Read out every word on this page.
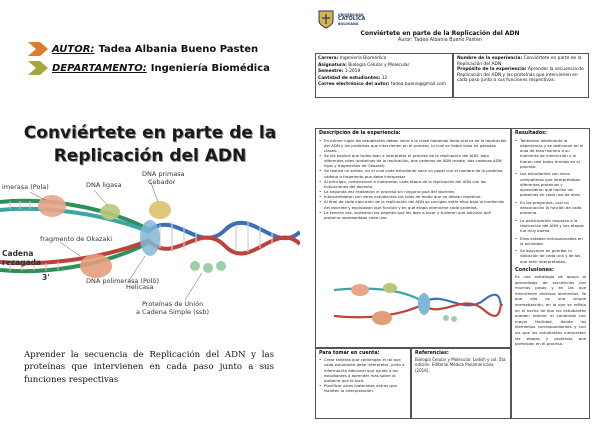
AUTOR: Tadea Albania Bueno Pasten
DEPARTAMENTO: Ingeniería Biomédica
Conviértete en parte de la
Replicación del ADN
imerasa (Pola)	DNA ligasa
DNA primasa
Cebador
fragmento de Okazaki
Cadena
rezagada
3'	DNA polimerasa (Polδ)
Helicasa
Proteínas de Unión
a Cadena Simple (ssb)
Aprender la secuencia de Replicación del ADN y las proteínas que intervienen en cada paso junto a sus funciones respectivas
UNIVERSIDAD
CATÓLICA
BOLIVIANA
Conviértete en parte de la Replicación del ADN
Autor: Tadea Albania Bueno Pasten
Carrera: Ingeniería Biomédica
Asignatura: Biología Celular y Molecular
Semestre: 1-2019
Cantidad de estudiantes: 12
Correo electrónico del autor: tadea.bueno@gmail.com
Nombre de la experiencia: Conviértete en parte de la Replicación del ADN
Propósito de la experiencia: Aprender la secuencia de Replicación del ADN y las proteínas que intervienen en cada paso junto a sus funciones respectivas.
Descripción de la experiencia:
• En primer lugar los estudiantes deben venir a la clase habiendo leído acerca de la replicación del ADN y las proteínas que intervienen en el proceso, lo cual se había visto en pasadas clases.
• Se les explicó que todos iban a interpretar el proceso de la replicación del ADN, bajo diferentes roles (proteínas de la replicación, dos cadenas de ADN madre, dos cadenas ADN hijas y fragmentos de Okazaki).
• Se realizó un sorteo, en el cual cada estudiante saca un papel con el nombre de la proteína, cadena o fragmento que debe interpretar.
• Al principio, comenzaron a interpretar cada etapa de la replicación del ADN con las indicaciones del docente.
• La segunda vez realizaron el proceso sin ninguna guía del docente.
• Intercambiaron con otros estudiantes los roles de modo que no debían repetirse.
• Al final de cada ejecución de la replicación del ADN se corrigen entre ellos bajo la mediación del docente y explicaban qué función y en qué etapa interviene cada proteína.
• La tercera vez, sortearon los papeles que les iban a tocar y tuvieron que adivinar qué proteína representaba cada uno.
Resultados:
• Tantearon debilmente la experiencia y se dedicaron en el aula de esta manera a su momento de interacción y le fueron casi todos tímidos en el proceso.
• Los estudiantes con otros compañeros que interpretaban diferentes proteínas y aprendieron qué hacían las proteínas en cada una de ellas.
• En las preguntas, casi no desconocían la función de cada proteína.
• La participación respecto a la replicación del ADN y sus etapas fue muy buena.
• Ellos estaban entusiasmados en la actividad.
• Se apoyaron en guardar la ubicación de cada una y de las que eran interpretadas.
Conclusiones:
Es una estrategia de apoyo al aprendizaje de secuencias con muchos pasos y en las que intervienen diversos elementos. Ya que ella es una simple dramatización, en la que se refleja en el hecho de que los estudiantes pueden retener el contenido con mayor facilidad, donde los elementos correspondientes y con los que los estudiantes interpretan las etapas y proteínas que participan en el proceso.
Para tomar en cuenta:
• Crear tarjetas que contengan el rol que cada estudiante debe interpretar, junto a información adicional que ayude a los estudiantes a aprender más sobre la proteína que le tocó.
• Planificar otros materiales extras que faciliten la interpretación.
Referencias:
Biología Celular y Molecular. Lodish y col. 5ta edición. Editorial Médica Panamericana (2016).
